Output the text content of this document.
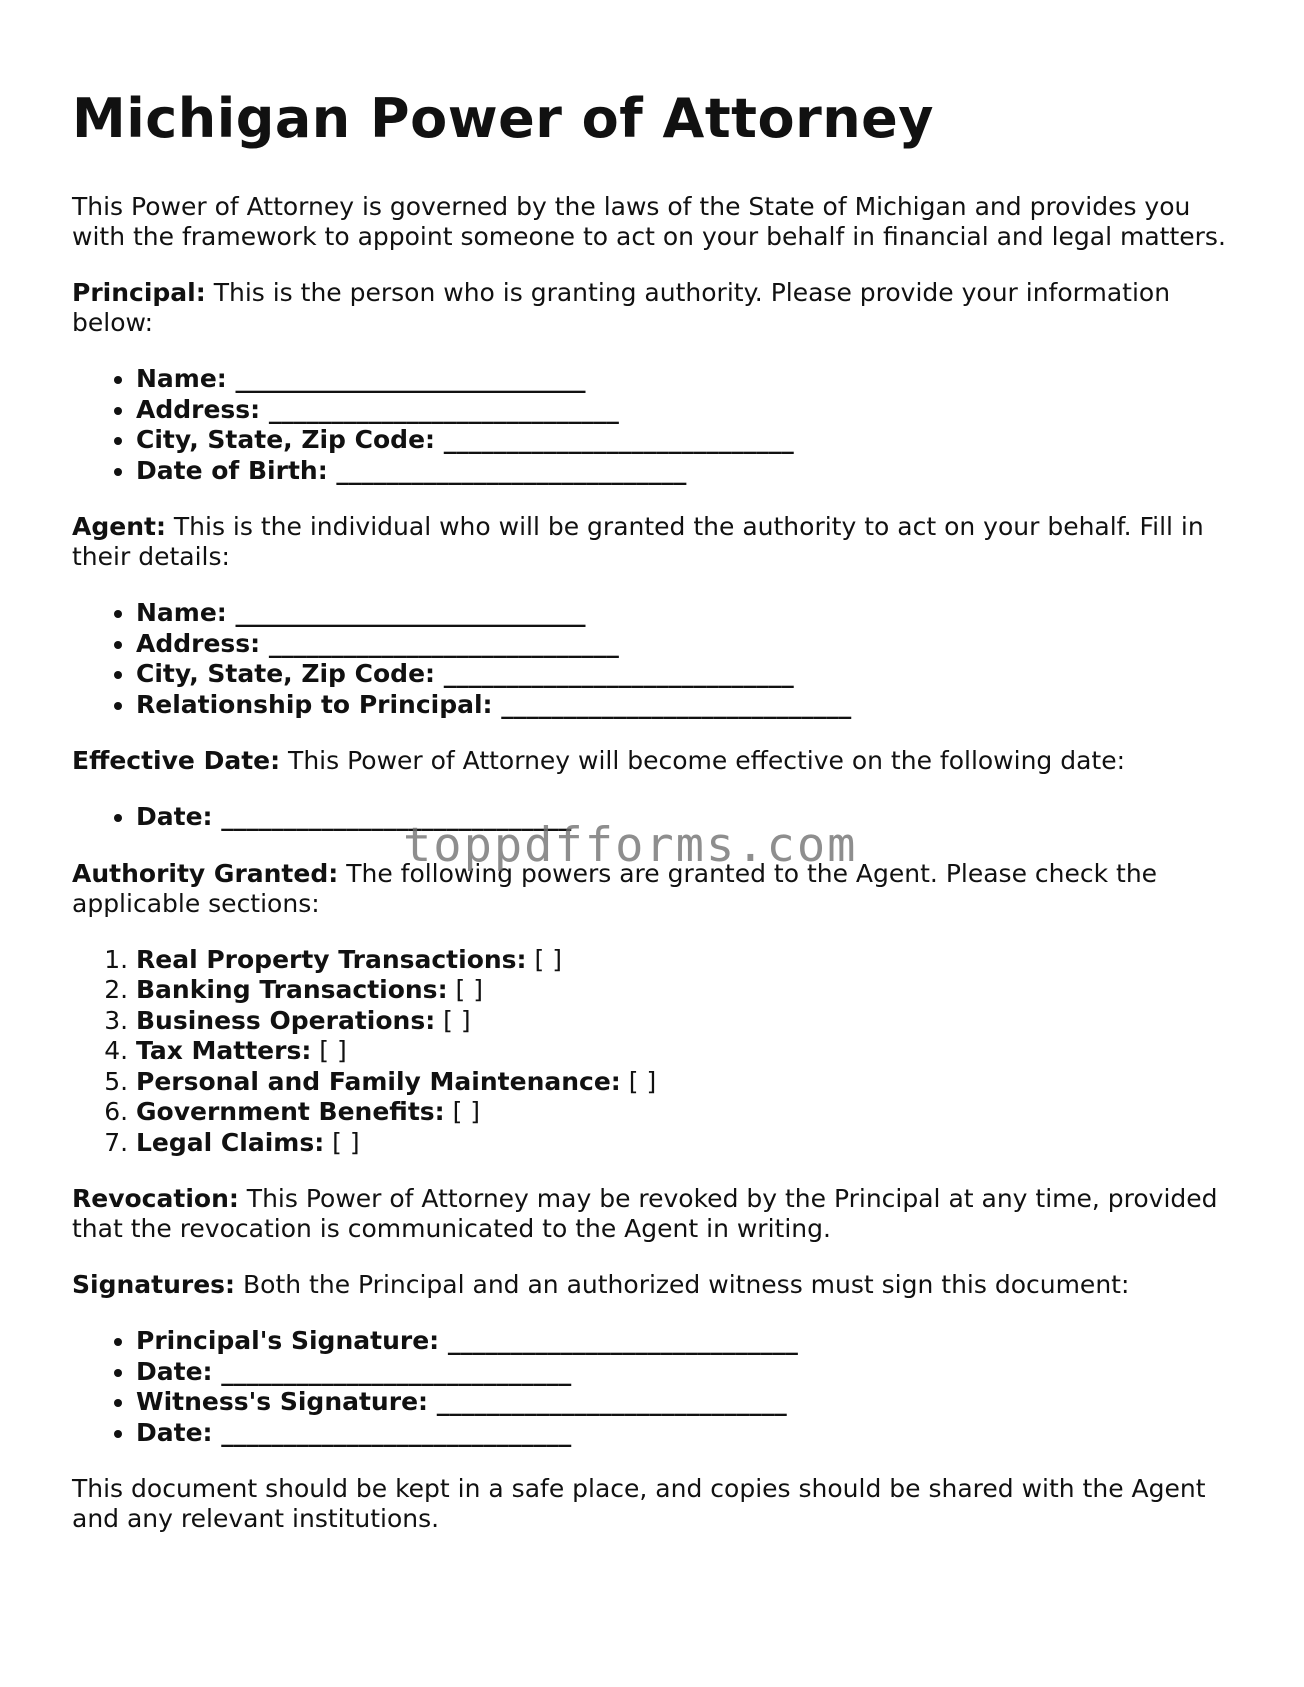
Michigan Power of Attorney

This Power of Attorney is governed by the laws of the State of Michigan and provides you with the framework to appoint someone to act on your behalf in financial and legal matters.

Principal: This is the person who is granting authority. Please provide your information below:

• Name: ____________________________
• Address: ____________________________
• City, State, Zip Code: ____________________________
• Date of Birth: ____________________________

Agent: This is the individual who will be granted the authority to act on your behalf. Fill in their details:

• Name: ____________________________
• Address: ____________________________
• City, State, Zip Code: ____________________________
• Relationship to Principal: ____________________________

Effective Date: This Power of Attorney will become effective on the following date:

• Date: ____________________________

Authority Granted: The following powers are granted to the Agent. Please check the applicable sections:

1. Real Property Transactions: [ ]
2. Banking Transactions: [ ]
3. Business Operations: [ ]
4. Tax Matters: [ ]
5. Personal and Family Maintenance: [ ]
6. Government Benefits: [ ]
7. Legal Claims: [ ]

Revocation: This Power of Attorney may be revoked by the Principal at any time, provided that the revocation is communicated to the Agent in writing.

Signatures: Both the Principal and an authorized witness must sign this document:

• Principal's Signature: ____________________________
• Date: ____________________________
• Witness's Signature: ____________________________
• Date: ____________________________

This document should be kept in a safe place, and copies should be shared with the Agent and any relevant institutions.

toppdfforms.com
